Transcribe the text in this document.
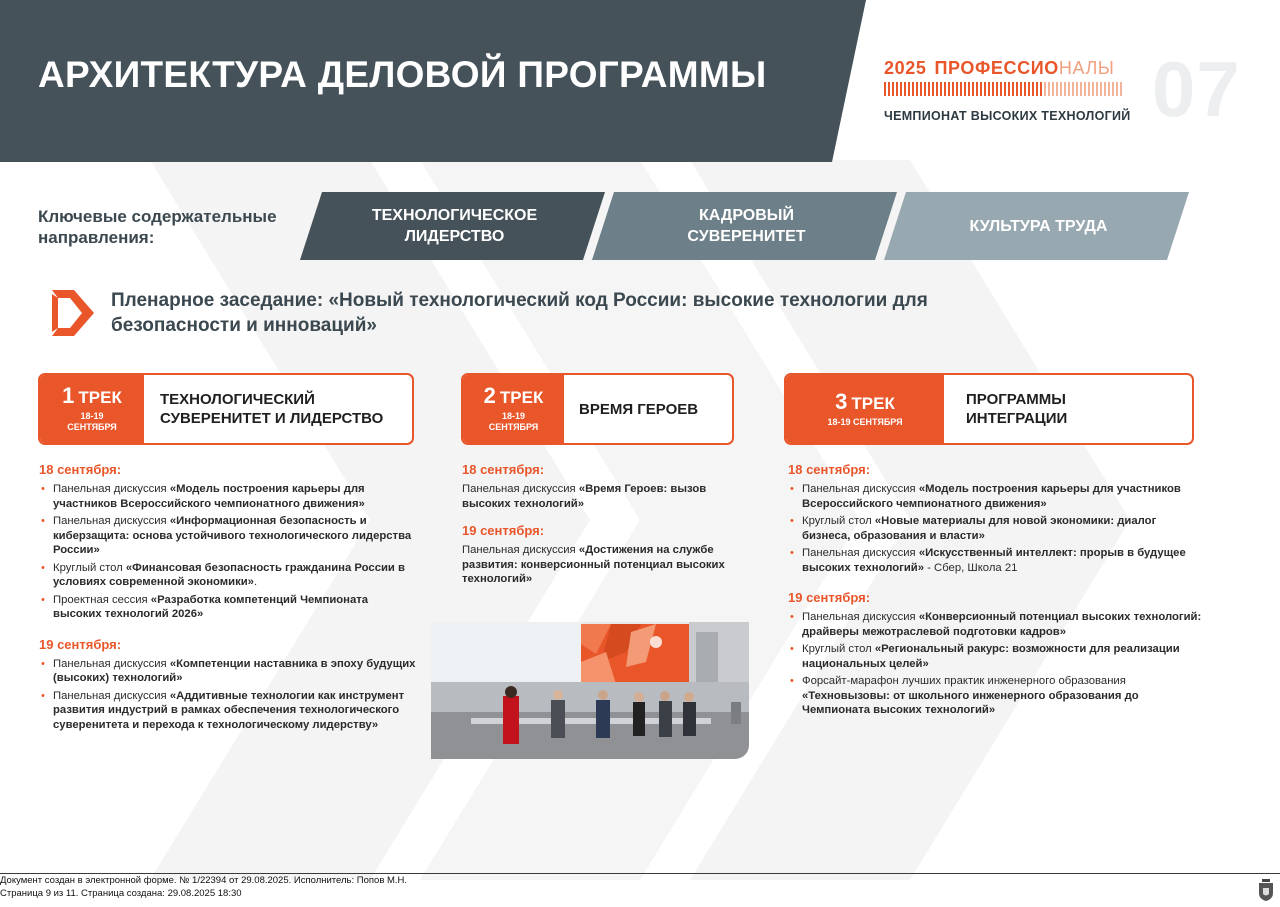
АРХИТЕКТУРА ДЕЛОВОЙ ПРОГРАММЫ	2025 ПРОФЕССИОНАЛЫ
ЧЕМПИОНАТ ВЫСОКИХ ТЕХНОЛОГИЙ 07
Ключевые содержательные направления:
ТЕХНОЛОГИЧЕСКОЕ
ЛИДЕРСТВО
КАДРОВЫЙ
СУВЕРЕНИТЕТ
КУЛЬТУРА ТРУДА
Пленарное заседание: «Новый технологический код России: высокие технологии для безопасности и инноваций»
1 ТРЕК
18-19
СЕНТЯБРЯ
ТЕХНОЛОГИЧЕСКИЙ СУВЕРЕНИТЕТ И ЛИДЕРСТВО
2 ТРЕК
18-19
СЕНТЯБРЯ
ВРЕМЯ ГЕРОЕВ	3 ТРЕК
18-19 СЕНТЯБРЯ
ПРОГРАММЫ ИНТЕГРАЦИИ
18 сентября:
• Панельная дискуссия «Модель построения карьеры для участников Всероссийского чемпионатного движения»
• Панельная дискуссия «Информационная безопасность и киберзащита: основа устойчивого технологического лидерства России»
• Круглый стол «Финансовая безопасность гражданина России в условиях современной экономики».
• Проектная сессия «Разработка компетенций Чемпионата высоких технологий 2026»
19 сентября:
• Панельная дискуссия «Компетенции наставника в эпоху будущих (высоких) технологий»
• Панельная дискуссия «Аддитивные технологии как инструмент развития индустрий в рамках обеспечения технологического суверенитета и перехода к технологическому лидерству»
18 сентября:
Панельная дискуссия «Время Героев: вызов высоких технологий»
19 сентября:
Панельная дискуссия «Достижения на службе развития: конверсионный потенциал высоких технологий»
18 сентября:
• Панельная дискуссия «Модель построения карьеры для участников Всероссийского чемпионатного движения»
• Круглый стол «Новые материалы для новой экономики: диалог бизнеса, образования и власти»
• Панельная дискуссия «Искусственный интеллект: прорыв в будущее высоких технологий» - Сбер, Школа 21
19 сентября:
• Панельная дискуссия «Конверсионный потенциал высоких технологий: драйверы межотраслевой подготовки кадров»
• Круглый стол «Региональный ракурс: возможности для реализации национальных целей»
• Форсайт-марафон лучших практик инженерного образования «Техновызовы: от школьного инженерного образования до Чемпионата высоких технологий»
Документ создан в электронной форме. № 1/22394 от 29.08.2025. Исполнитель: Попов М.Н.
Страница 9 из 11. Страница создана: 29.08.2025 18:30
